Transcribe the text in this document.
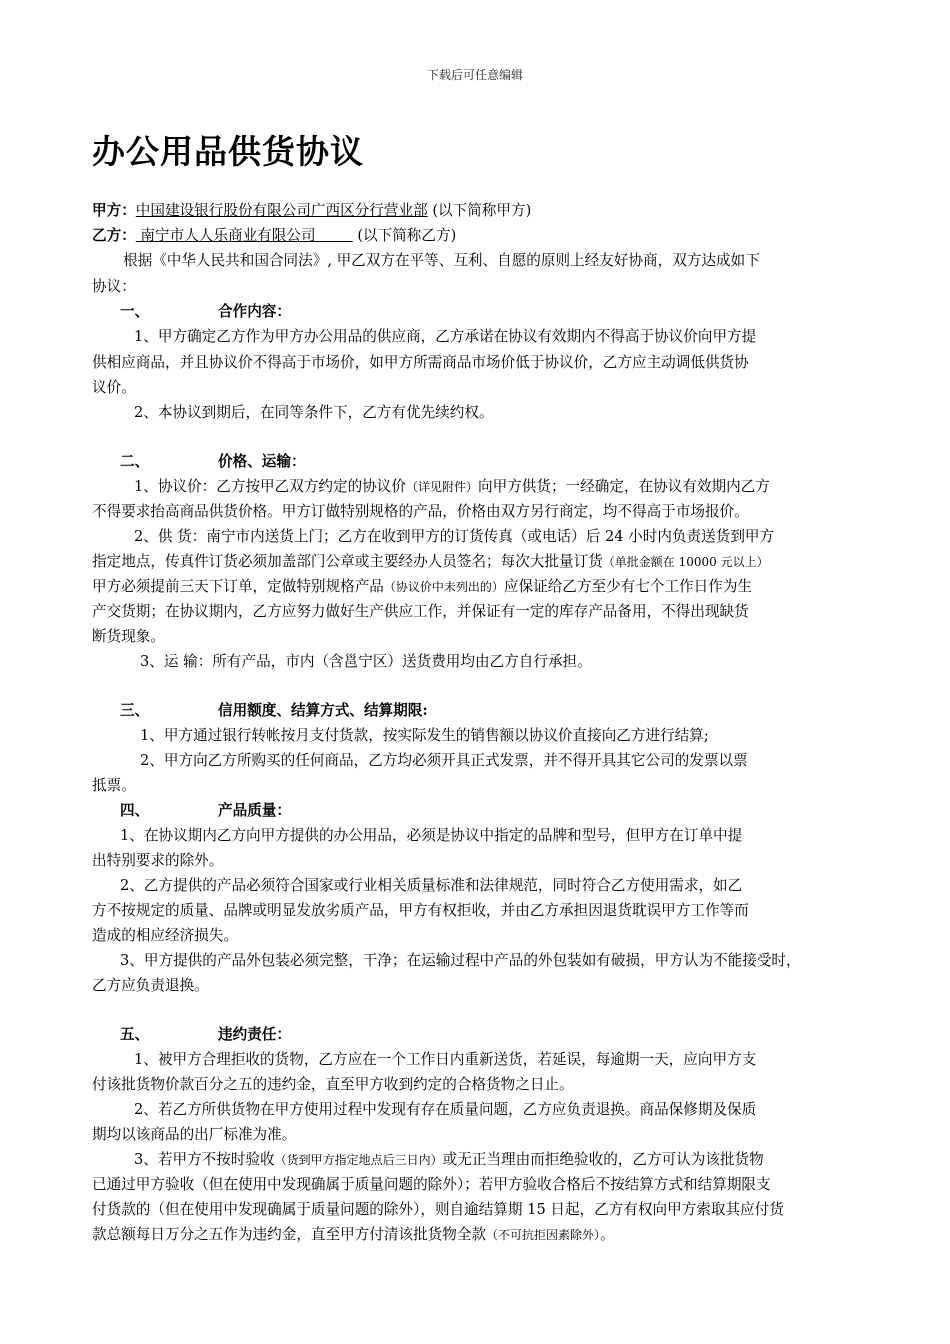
下载后可任意编辑
办公用品供货协议
甲方：中国建设银行股份有限公司广西区分行营业部 (以下简称甲方)
乙方： 南宁市人人乐商业有限公司         (以下简称乙方)
根据《中华人民共和国合同法》, 甲乙双方在平等、互利、自愿的原则上经友好协商，双方达成如下
协议：
一、	合作内容：
1、甲方确定乙方作为甲方办公用品的供应商，乙方承诺在协议有效期内不得高于协议价向甲方提
供相应商品，并且协议价不得高于市场价，如甲方所需商品市场价低于协议价，乙方应主动调低供货协
议价。
2、本协议到期后，在同等条件下，乙方有优先续约权。
二、	价格、运输：
1、协议价：乙方按甲乙双方约定的协议价（详见附件）向甲方供货；一经确定，在协议有效期内乙方
不得要求抬高商品供货价格。甲方订做特别规格的产品，价格由双方另行商定，均不得高于市场报价。
2、供 货：南宁市内送货上门；乙方在收到甲方的订货传真（或电话）后 24 小时内负责送货到甲方
指定地点，传真件订货必须加盖部门公章或主要经办人员签名；每次大批量订货（单批金额在 10000 元以上）
甲方必须提前三天下订单，定做特别规格产品（协议价中未列出的）应保证给乙方至少有七个工作日作为生
产交货期；在协议期内，乙方应努力做好生产供应工作，并保证有一定的库存产品备用，不得出现缺货
断货现象。
3、运 输：所有产品，市内（含邕宁区）送货费用均由乙方自行承担。
三、	信用额度、结算方式、结算期限:
1、甲方通过银行转帐按月支付货款，按实际发生的销售额以协议价直接向乙方进行结算;
2、甲方向乙方所购买的任何商品，乙方均必须开具正式发票，并不得开具其它公司的发票以票
抵票。
四、	产品质量：
1、在协议期内乙方向甲方提供的办公用品，必须是协议中指定的品牌和型号，但甲方在订单中提
出特别要求的除外。
2、乙方提供的产品必须符合国家或行业相关质量标准和法律规范，同时符合乙方使用需求，如乙
方不按规定的质量、品牌或明显发放劣质产品，甲方有权拒收，并由乙方承担因退货耽误甲方工作等而
造成的相应经济损失。
3、甲方提供的产品外包装必须完整，干净；在运输过程中产品的外包装如有破损，甲方认为不能接受时，
乙方应负责退换。
五、	违约责任：
1、被甲方合理拒收的货物，乙方应在一个工作日内重新送货，若延误，每逾期一天，应向甲方支
付该批货物价款百分之五的违约金，直至甲方收到约定的合格货物之日止。
2、若乙方所供货物在甲方使用过程中发现有存在质量问题，乙方应负责退换。商品保修期及保质
期均以该商品的出厂标准为准。
3、若甲方不按时验收（货到甲方指定地点后三日内）或无正当理由而拒绝验收的，乙方可认为该批货物
已通过甲方验收（但在使用中发现确属于质量问题的除外）；若甲方验收合格后不按结算方式和结算期限支
付货款的（但在使用中发现确属于质量问题的除外），则自逾结算期 15 日起，乙方有权向甲方索取其应付货
款总额每日万分之五作为违约金，直至甲方付清该批货物全款（不可抗拒因素除外）。
